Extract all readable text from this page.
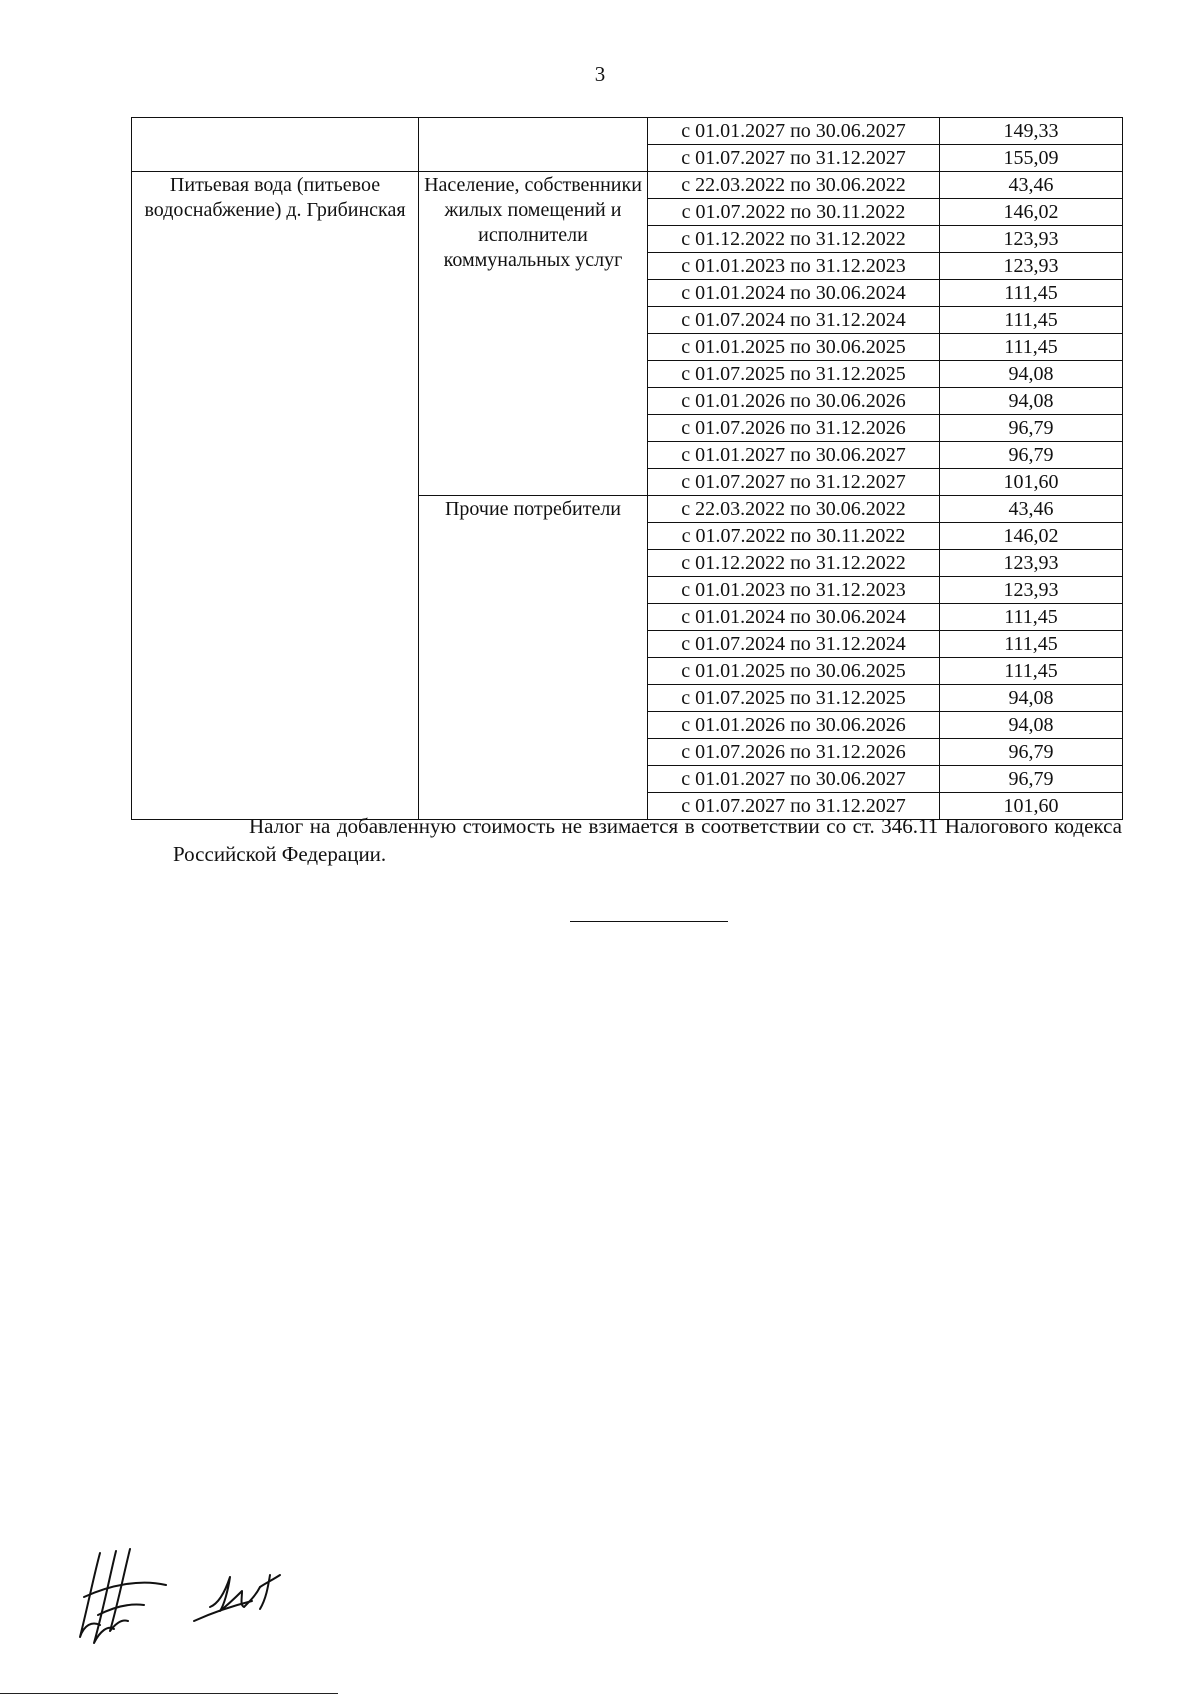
3
		с 01.01.2027 по 30.06.2027	149,33
		с 01.07.2027 по 31.12.2027	155,09
Питьевая вода (питьевое водоснабжение) д. Грибинская	Население, собственники жилых помещений и исполнители коммунальных услуг	с 22.03.2022 по 30.06.2022	43,46
		с 01.07.2022 по 30.11.2022	146,02
		с 01.12.2022 по 31.12.2022	123,93
		с 01.01.2023 по 31.12.2023	123,93
		с 01.01.2024 по 30.06.2024	111,45
		с 01.07.2024 по 31.12.2024	111,45
		с 01.01.2025 по 30.06.2025	111,45
		с 01.07.2025 по 31.12.2025	94,08
		с 01.01.2026 по 30.06.2026	94,08
		с 01.07.2026 по 31.12.2026	96,79
		с 01.01.2027 по 30.06.2027	96,79
		с 01.07.2027 по 31.12.2027	101,60
	Прочие потребители	с 22.03.2022 по 30.06.2022	43,46
		с 01.07.2022 по 30.11.2022	146,02
		с 01.12.2022 по 31.12.2022	123,93
		с 01.01.2023 по 31.12.2023	123,93
		с 01.01.2024 по 30.06.2024	111,45
		с 01.07.2024 по 31.12.2024	111,45
		с 01.01.2025 по 30.06.2025	111,45
		с 01.07.2025 по 31.12.2025	94,08
		с 01.01.2026 по 30.06.2026	94,08
		с 01.07.2026 по 31.12.2026	96,79
		с 01.01.2027 по 30.06.2027	96,79
		с 01.07.2027 по 31.12.2027	101,60
Налог на добавленную стоимость не взимается в соответствии со ст. 346.11 Налогового кодекса Российской Федерации.
